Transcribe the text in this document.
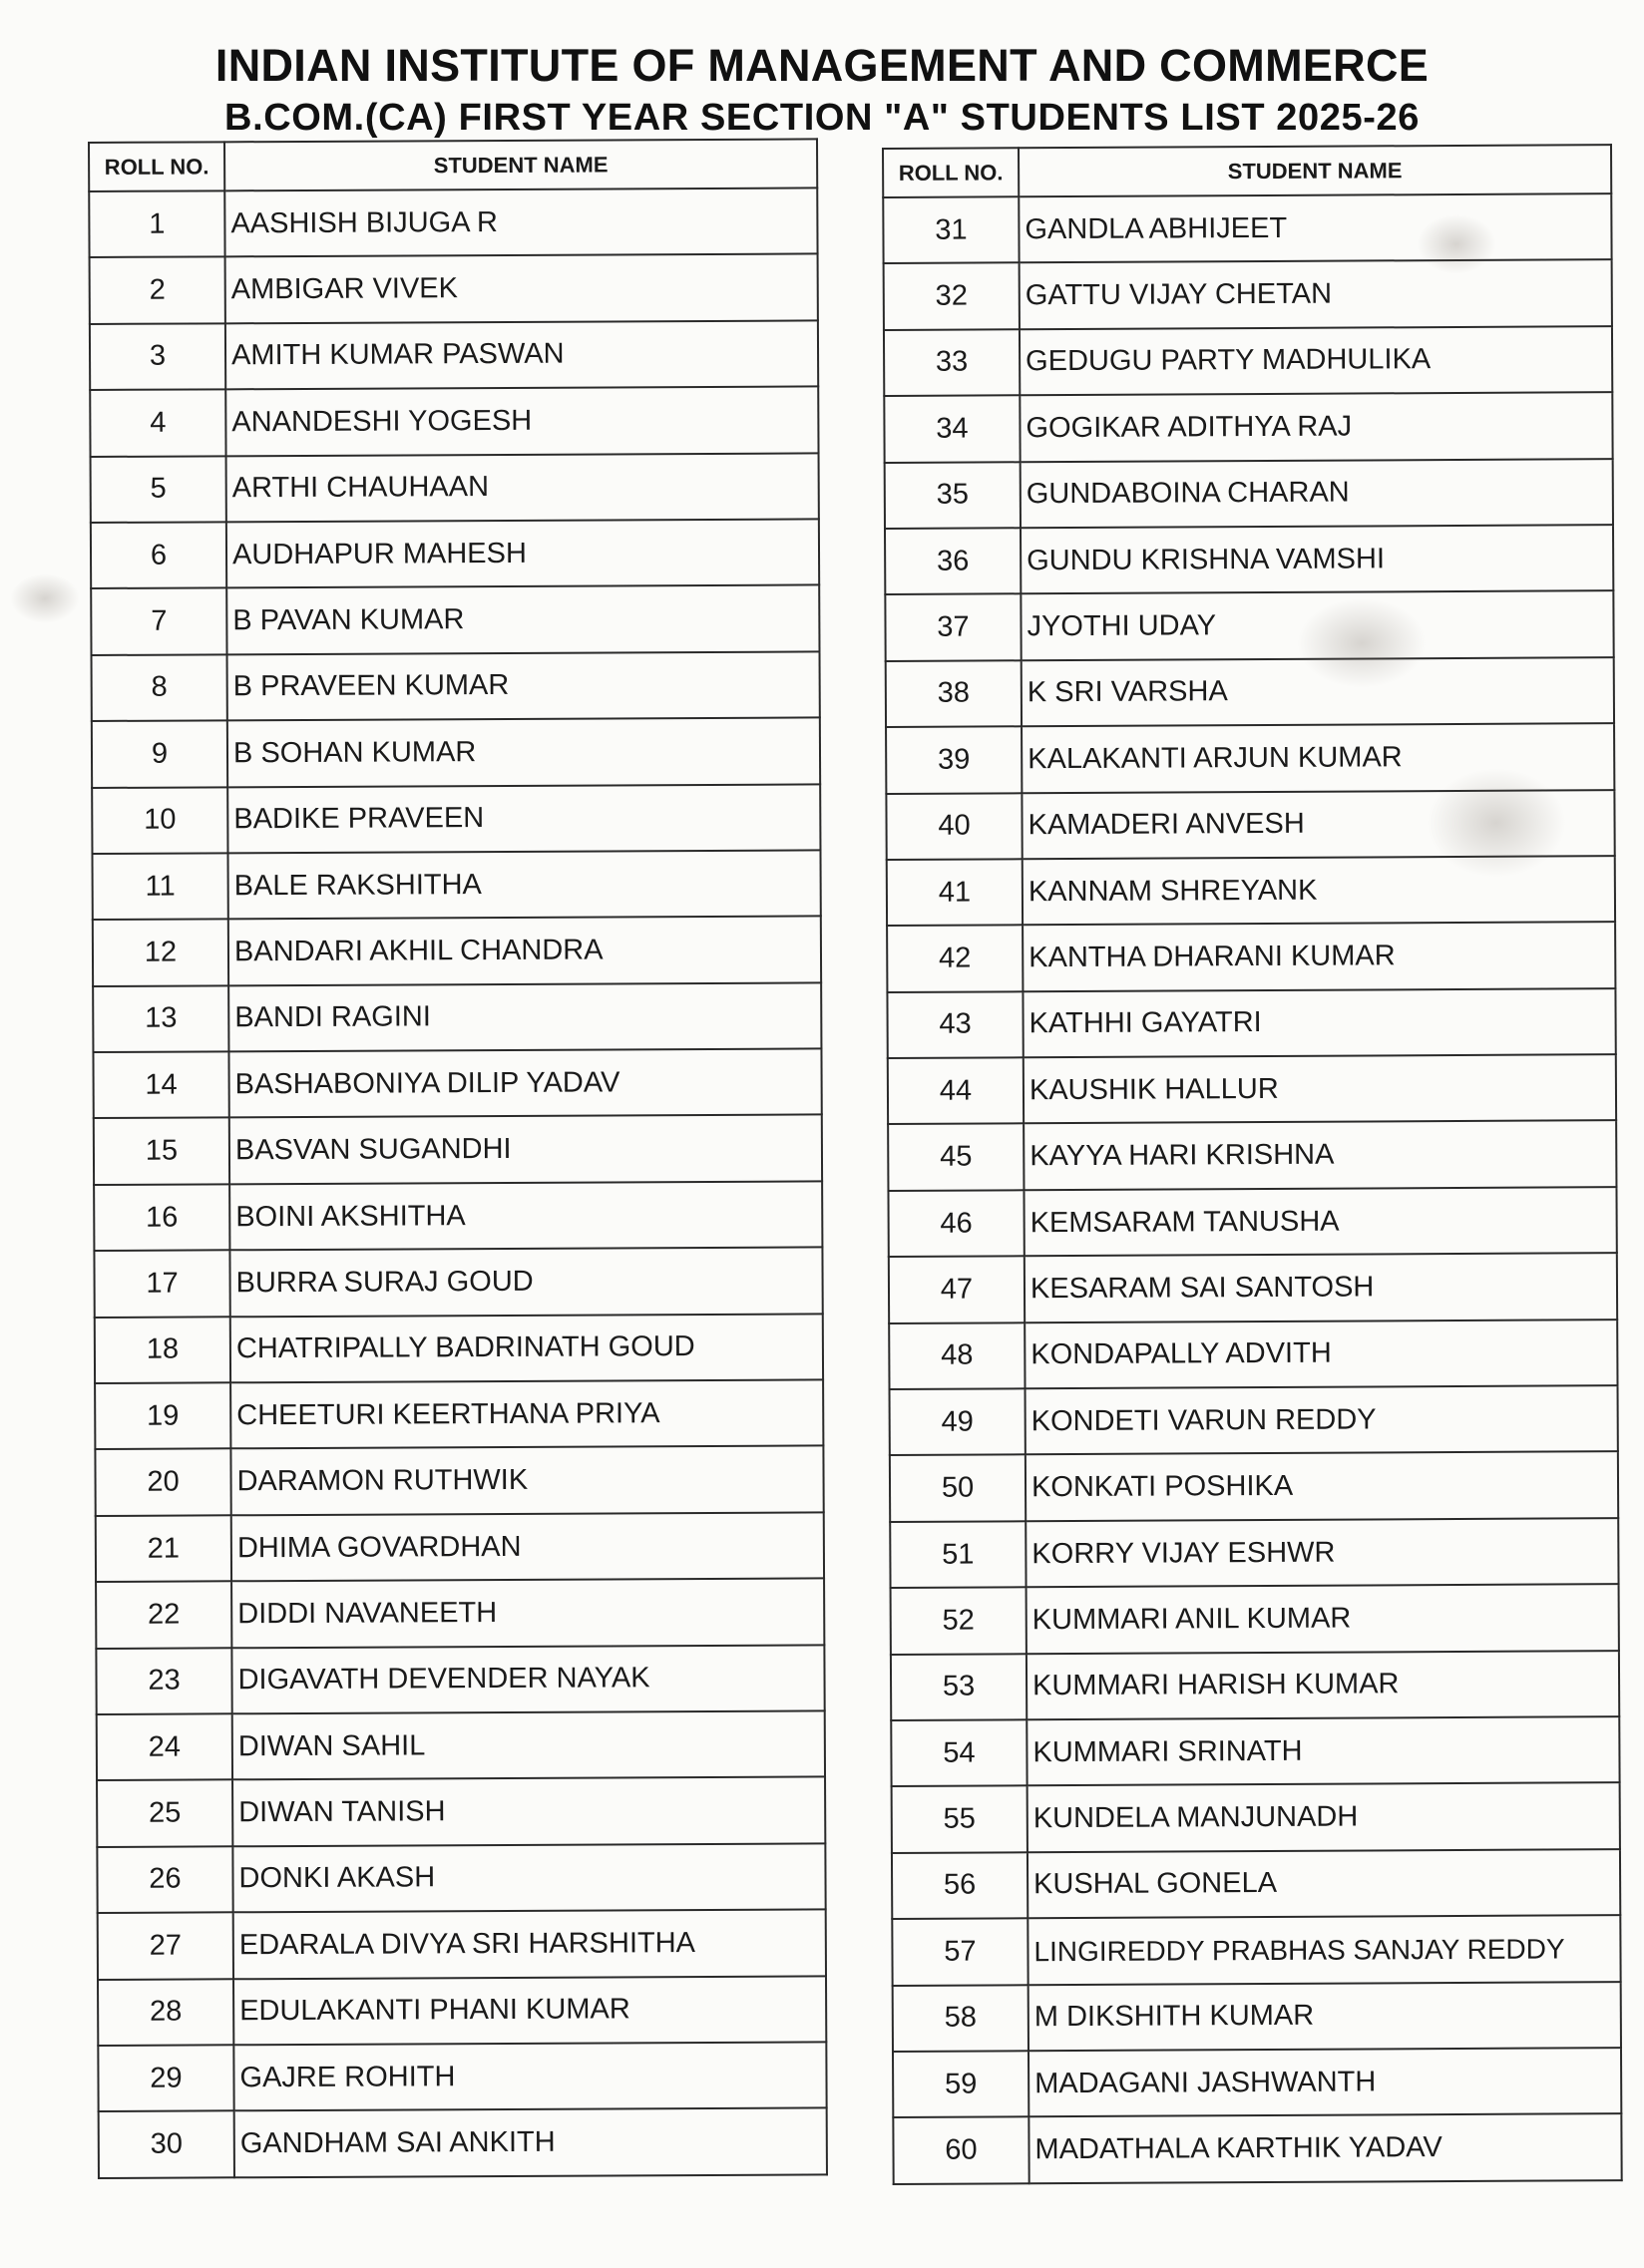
INDIAN INSTITUTE OF MANAGEMENT AND COMMERCE
B.COM.(CA) FIRST YEAR SECTION "A" STUDENTS LIST 2025-26
ROLL NO.	STUDENT NAME
1	AASHISH BIJUGA R
2	AMBIGAR VIVEK
3	AMITH KUMAR PASWAN
4	ANANDESHI YOGESH
5	ARTHI CHAUHAAN
6	AUDHAPUR MAHESH
7	B PAVAN KUMAR
8	B PRAVEEN KUMAR
9	B SOHAN KUMAR
10	BADIKE PRAVEEN
11	BALE RAKSHITHA
12	BANDARI AKHIL CHANDRA
13	BANDI RAGINI
14	BASHABONIYA DILIP YADAV
15	BASVAN SUGANDHI
16	BOINI AKSHITHA
17	BURRA SURAJ GOUD
18	CHATRIPALLY BADRINATH GOUD
19	CHEETURI KEERTHANA PRIYA
20	DARAMON RUTHWIK
21	DHIMA GOVARDHAN
22	DIDDI NAVANEETH
23	DIGAVATH DEVENDER NAYAK
24	DIWAN SAHIL
25	DIWAN TANISH
26	DONKI AKASH
27	EDARALA DIVYA SRI HARSHITHA
28	EDULAKANTI PHANI KUMAR
29	GAJRE ROHITH
30	GANDHAM SAI ANKITH
ROLL NO.	STUDENT NAME
31	GANDLA ABHIJEET
32	GATTU VIJAY CHETAN
33	GEDUGU PARTY MADHULIKA
34	GOGIKAR ADITHYA RAJ
35	GUNDABOINA CHARAN
36	GUNDU KRISHNA VAMSHI
37	JYOTHI UDAY
38	K SRI VARSHA
39	KALAKANTI ARJUN KUMAR
40	KAMADERI ANVESH
41	KANNAM SHREYANK
42	KANTHA DHARANI KUMAR
43	KATHHI GAYATRI
44	KAUSHIK HALLUR
45	KAYYA HARI KRISHNA
46	KEMSARAM TANUSHA
47	KESARAM SAI SANTOSH
48	KONDAPALLY ADVITH
49	KONDETI VARUN REDDY
50	KONKATI POSHIKA
51	KORRY VIJAY ESHWR
52	KUMMARI ANIL KUMAR
53	KUMMARI HARISH KUMAR
54	KUMMARI SRINATH
55	KUNDELA MANJUNADH
56	KUSHAL GONELA
57	LINGIREDDY PRABHAS SANJAY REDDY
58	M DIKSHITH KUMAR
59	MADAGANI JASHWANTH
60	MADATHALA KARTHIK YADAV
